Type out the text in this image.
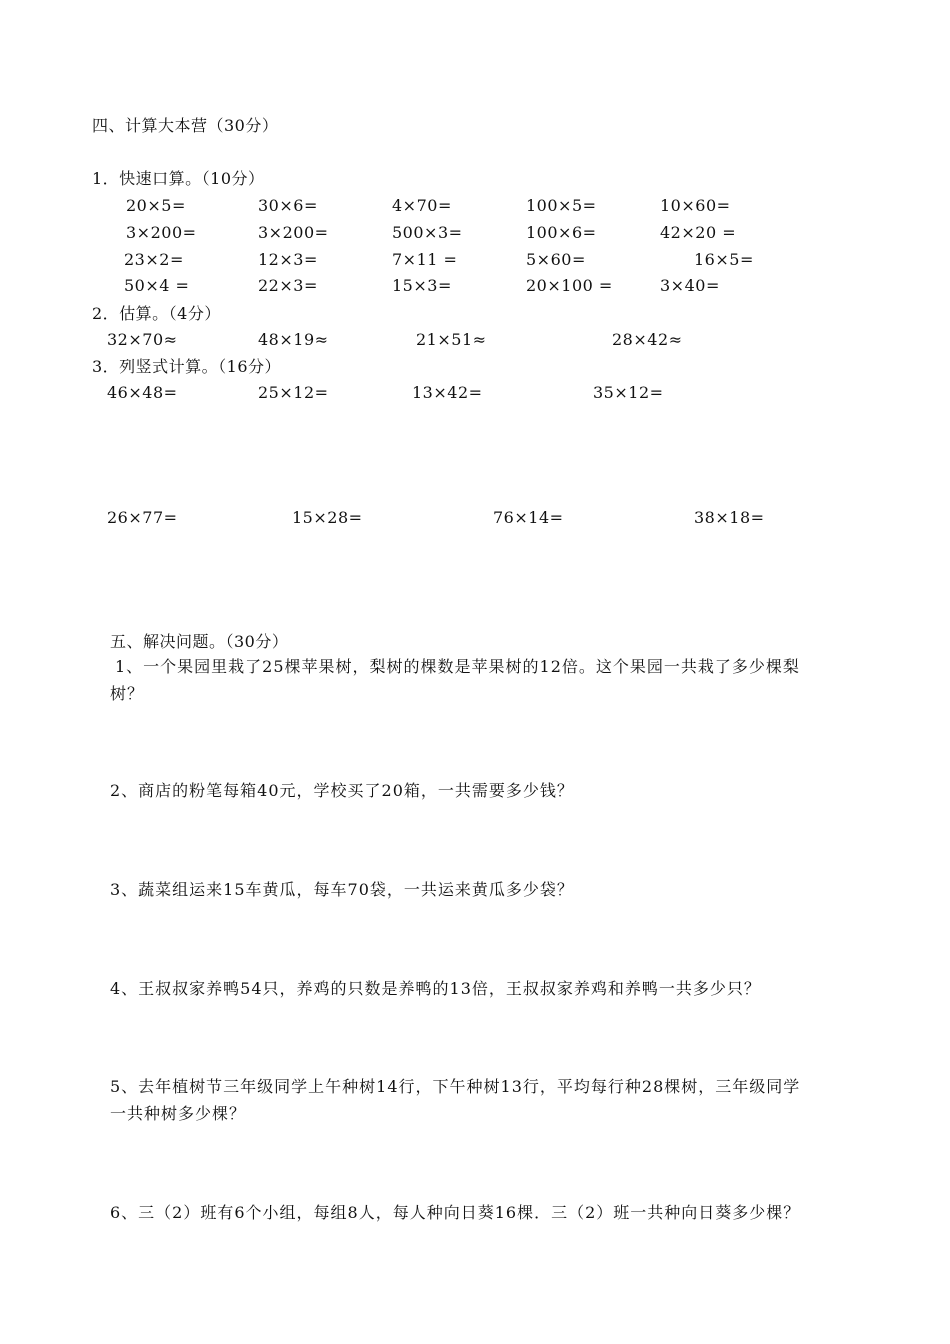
四、计算大本营（30分）
1．快速口算。（10分）
20×5=	30×6=	4×70=	100×5=	10×60=
3×200=	3×200=	500×3=	100×6=	42×20 =
23×2=	12×3=	7×11 =	5×60=	16×5=
50×4 =	22×3=	15×3=	20×100 =	3×40=
2．估算。（4分）
32×70≈	48×19≈	21×51≈	28×42≈
3．列竖式计算。（16分）
46×48=	25×12=	13×42=	35×12=
26×77=	15×28=	76×14=	38×18=
五、解决问题。（30分）
1、一个果园里栽了25棵苹果树，梨树的棵数是苹果树的12倍。这个果园一共栽了多少棵梨
树？
2、商店的粉笔每箱40元，学校买了20箱，一共需要多少钱？
3、蔬菜组运来15车黄瓜，每车70袋，一共运来黄瓜多少袋？
4、王叔叔家养鸭54只，养鸡的只数是养鸭的13倍，王叔叔家养鸡和养鸭一共多少只？
5、去年植树节三年级同学上午种树14行，下午种树13行，平均每行种28棵树，三年级同学
一共种树多少棵？
6、三（2）班有6个小组，每组8人，每人种向日葵16棵．三（2）班一共种向日葵多少棵？
